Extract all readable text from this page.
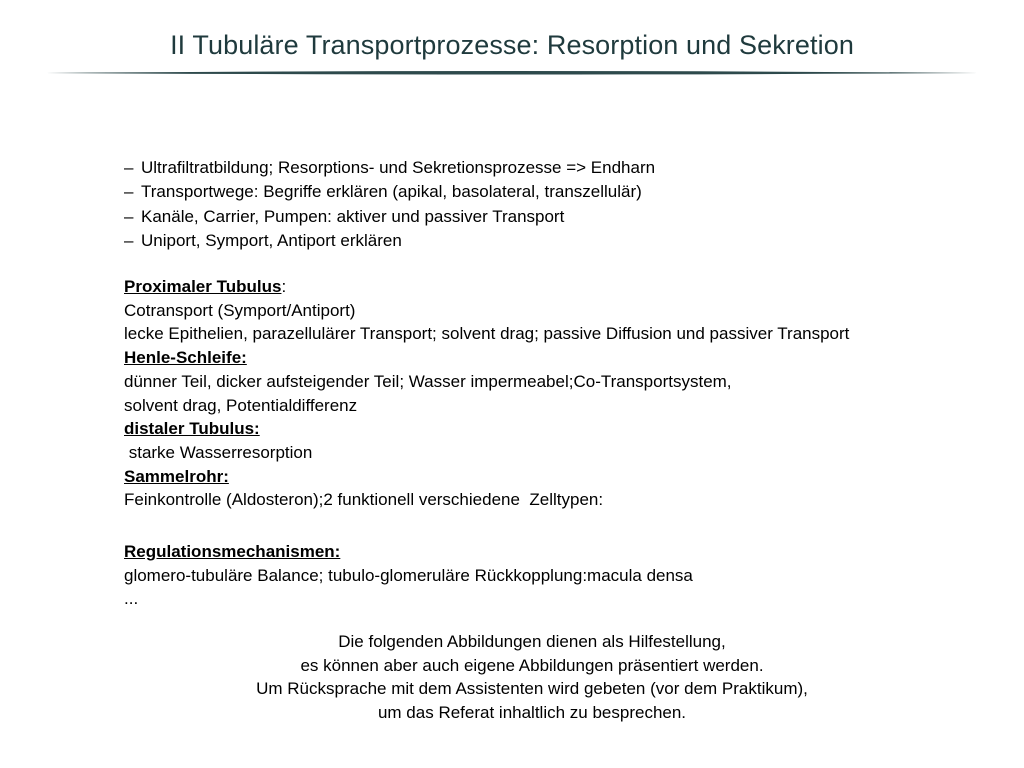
II Tubuläre Transportprozesse: Resorption und Sekretion
– Ultrafiltratbildung; Resorptions- und Sekretionsprozesse => Endharn
– Transportwege: Begriffe erklären (apikal, basolateral, transzellulär)
– Kanäle, Carrier, Pumpen: aktiver und passiver Transport
– Uniport, Symport, Antiport erklären
Proximaler Tubulus:
Cotransport (Symport/Antiport)
lecke Epithelien, parazellulärer Transport; solvent drag; passive Diffusion und passiver Transport
Henle-Schleife:
dünner Teil, dicker aufsteigender Teil; Wasser impermeabel;Co-Transportsystem,
solvent drag, Potentialdifferenz
distaler Tubulus:
starke Wasserresorption
Sammelrohr:
Feinkontrolle (Aldosteron);2 funktionell verschiedene  Zelltypen:
Regulationsmechanismen:
glomero-tubuläre Balance; tubulo-glomeruläre Rückkopplung:macula densa
...
Die folgenden Abbildungen dienen als Hilfestellung,
es können aber auch eigene Abbildungen präsentiert werden.
Um Rücksprache mit dem Assistenten wird gebeten (vor dem Praktikum),
um das Referat inhaltlich zu besprechen.
